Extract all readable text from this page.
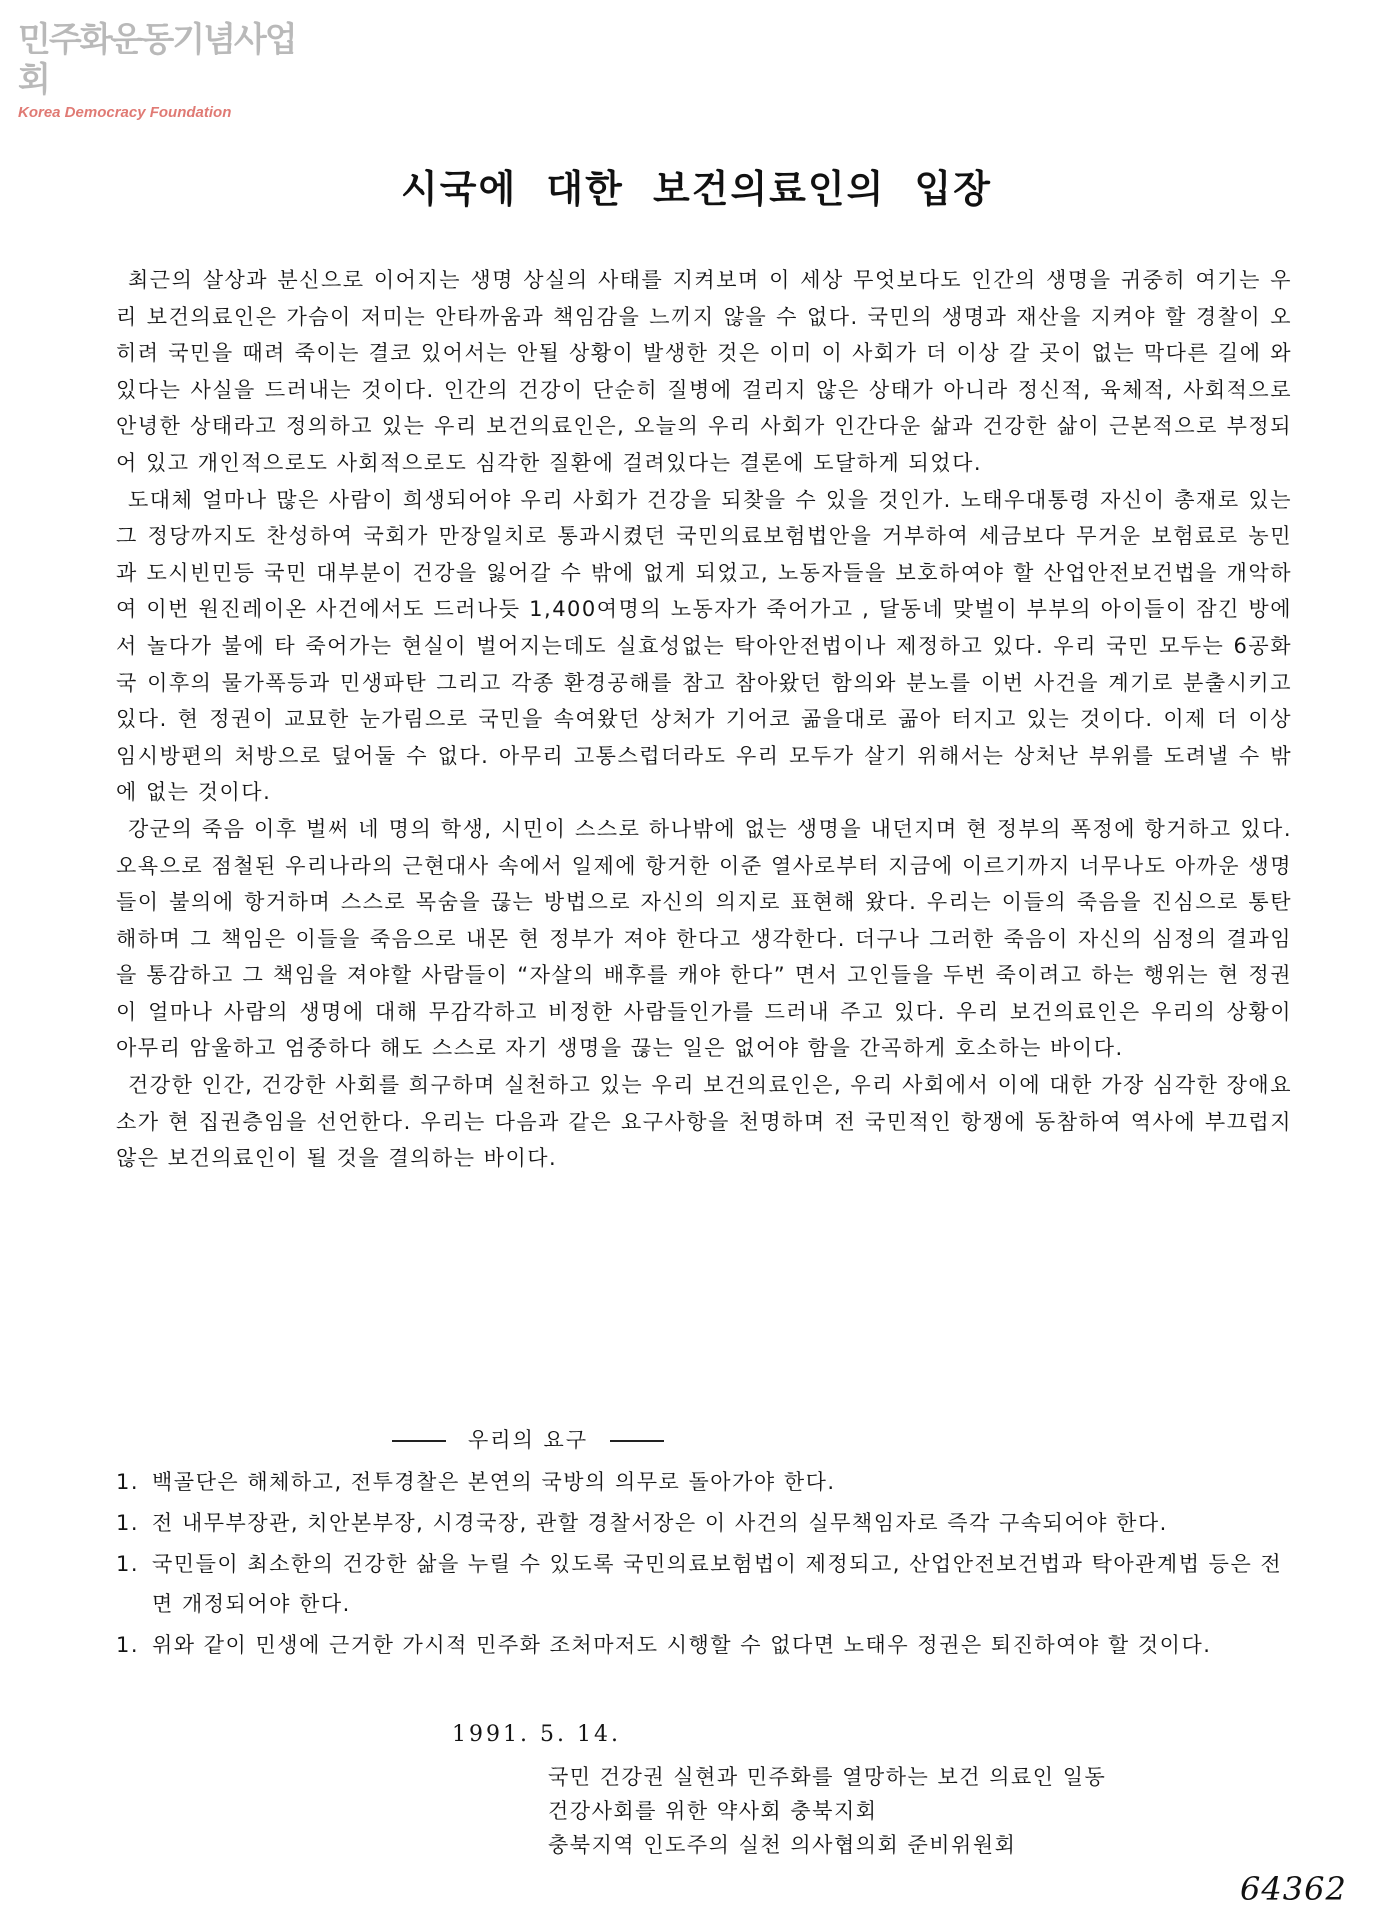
민주화운동기념사업회
Korea Democracy Foundation
시국에 대한 보건의료인의 입장

최근의 살상과 분신으로 이어지는 생명 상실의 사태를 지켜보며 이 세상 무엇보다도 인간의 생명을 귀중히 여기는 우리 보건의료인은 가슴이 저미는 안타까움과 책임감을 느끼지 않을 수 없다. 국민의 생명과 재산을 지켜야 할 경찰이 오히려 국민을 때려 죽이는 결코 있어서는 안될 상황이 발생한 것은 이미 이 사회가 더 이상 갈 곳이 없는 막다른 길에 와 있다는 사실을 드러내는 것이다. 인간의 건강이 단순히 질병에 걸리지 않은 상태가 아니라 정신적, 육체적, 사회적으로 안녕한 상태라고 정의하고 있는 우리 보건의료인은, 오늘의 우리 사회가 인간다운 삶과 건강한 삶이 근본적으로 부정되어 있고 개인적으로도 사회적으로도 심각한 질환에 걸려있다는 결론에 도달하게 되었다.

도대체 얼마나 많은 사람이 희생되어야 우리 사회가 건강을 되찾을 수 있을 것인가. 노태우대통령 자신이 총재로 있는 그 정당까지도 찬성하여 국회가 만장일치로 통과시켰던 국민의료보험법안을 거부하여 세금보다 무거운 보험료로 농민과 도시빈민등 국민 대부분이 건강을 잃어갈 수 밖에 없게 되었고, 노동자들을 보호하여야 할 산업안전보건법을 개악하여 이번 원진레이온 사건에서도 드러나듯 1,400여명의 노동자가 죽어가고 , 달동네 맞벌이 부부의 아이들이 잠긴 방에서 놀다가 불에 타 죽어가는 현실이 벌어지는데도 실효성없는 탁아안전법이나 제정하고 있다. 우리 국민 모두는 6공화국 이후의 물가폭등과 민생파탄 그리고 각종 환경공해를 참고 참아왔던 함의와 분노를 이번 사건을 계기로 분출시키고 있다. 현 정권이 교묘한 눈가림으로 국민을 속여왔던 상처가 기어코 곪을대로 곪아 터지고 있는 것이다. 이제 더 이상 임시방편의 처방으로 덮어둘 수 없다. 아무리 고통스럽더라도 우리 모두가 살기 위해서는 상처난 부위를 도려낼 수 밖에 없는 것이다.

강군의 죽음 이후 벌써 네 명의 학생, 시민이 스스로 하나밖에 없는 생명을 내던지며 현 정부의 폭정에 항거하고 있다. 오욕으로 점철된 우리나라의 근현대사 속에서 일제에 항거한 이준 열사로부터 지금에 이르기까지 너무나도 아까운 생명들이 불의에 항거하며 스스로 목숨을 끊는 방법으로 자신의 의지로 표현해 왔다. 우리는 이들의 죽음을 진심으로 통탄해하며 그 책임은 이들을 죽음으로 내몬 현 정부가 져야 한다고 생각한다. 더구나 그러한 죽음이 자신의 심정의 결과임을 통감하고 그 책임을 져야할 사람들이 “자살의 배후를 캐야 한다” 면서 고인들을 두번 죽이려고 하는 행위는 현 정권이 얼마나 사람의 생명에 대해 무감각하고 비정한 사람들인가를 드러내 주고 있다. 우리 보건의료인은 우리의 상황이 아무리 암울하고 엄중하다 해도 스스로 자기 생명을 끊는 일은 없어야 함을 간곡하게 호소하는 바이다.

건강한 인간, 건강한 사회를 희구하며 실천하고 있는 우리 보건의료인은, 우리 사회에서 이에 대한 가장 심각한 장애요소가 현 집권층임을 선언한다. 우리는 다음과 같은 요구사항을 천명하며 전 국민적인 항쟁에 동참하여 역사에 부끄럽지 않은 보건의료인이 될 것을 결의하는 바이다.

우리의 요구
1. 백골단은 해체하고, 전투경찰은 본연의 국방의 의무로 돌아가야 한다.
1. 전 내무부장관, 치안본부장, 시경국장, 관할 경찰서장은 이 사건의 실무책임자로 즉각 구속되어야 한다.
1. 국민들이 최소한의 건강한 삶을 누릴 수 있도록 국민의료보험법이 제정되고, 산업안전보건법과 탁아관계법 등은 전면 개정되어야 한다.
1. 위와 같이 민생에 근거한 가시적 민주화 조처마저도 시행할 수 없다면 노태우 정권은 퇴진하여야 할 것이다.
1991. 5. 14.
국민 건강권 실현과 민주화를 열망하는 보건 의료인 일동
건강사회를 위한 약사회 충북지회
충북지역 인도주의 실천 의사협의회 준비위원회
64362
